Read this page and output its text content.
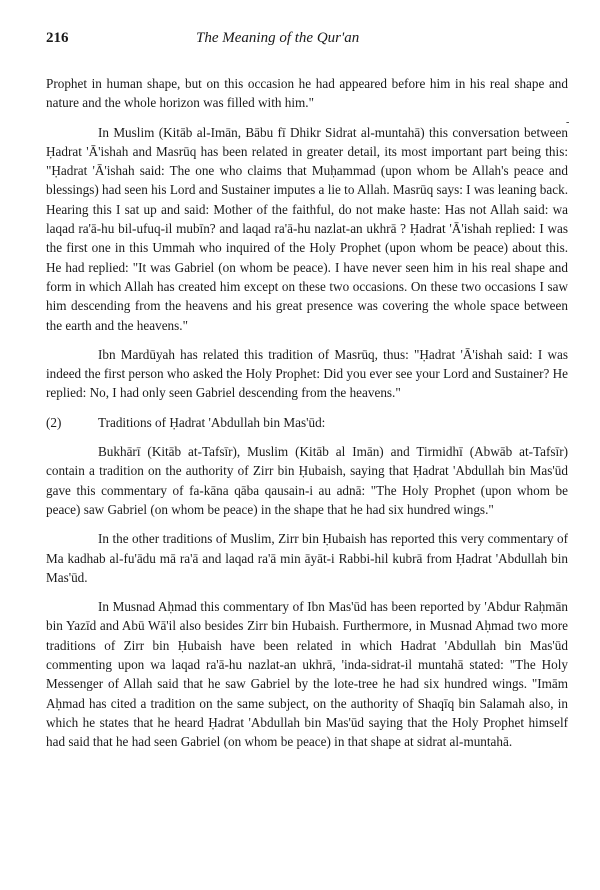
216	The Meaning of the Qur'an
-

Prophet in human shape, but on this occasion he had appeared before him in his real shape and nature and the whole horizon was filled with him."

In Muslim (Kitāb al-Imān, Bābu fī Dhikr Sidrat al-muntahā) this conversation between Ḥadrat 'Ā'ishah and Masrūq has been related in greater detail, its most important part being this: "Ḥadrat 'Ā'ishah said: The one who claims that Muḥammad (upon whom be Allah's peace and blessings) had seen his Lord and Sustainer imputes a lie to Allah. Masrūq says: I was leaning back. Hearing this I sat up and said: Mother of the faithful, do not make haste: Has not Allah said: wa laqad ra'ā-hu bil-ufuq-il mubīn? and laqad ra'ā-hu nazlat-an ukhrā ? Ḥadrat 'Ā'ishah replied: I was the first one in this Ummah who inquired of the Holy Prophet (upon whom be peace) about this. He had replied: "It was Gabriel (on whom be peace). I have never seen him in his real shape and form in which Allah has created him except on these two occasions. On these two occasions I saw him descending from the heavens and his great presence was covering the whole space between the earth and the heavens."

Ibn Mardūyah has related this tradition of Masrūq, thus: "Ḥadrat 'Ā'ishah said: I was indeed the first person who asked the Holy Prophet: Did you ever see your Lord and Sustainer? He replied: No, I had only seen Gabriel descending from the heavens."

(2)	Traditions of Ḥadrat 'Abdullah bin Mas'ūd:

Bukhārī (Kitāb at-Tafsīr), Muslim (Kitāb al Imān) and Tirmidhī (Abwāb at-Tafsīr) contain a tradition on the authority of Zirr bin Ḥubaish, saying that Ḥadrat 'Abdullah bin Mas'ūd gave this commentary of fa-kāna qāba qausain-i au adnā: "The Holy Prophet (upon whom be peace) saw Gabriel (on whom be peace) in the shape that he had six hundred wings."

In the other traditions of Muslim, Zirr bin Ḥubaish has reported this very commentary of Ma kadhab al-fu'ādu mā ra'ā and laqad ra'ā min āyāt-i Rabbi-hil kubrā from Ḥadrat 'Abdullah bin Mas'ūd.

In Musnad Aḥmad this commentary of Ibn Mas'ūd has been reported by 'Abdur Raḥmān bin Yazīd and Abū Wā'il also besides Zirr bin Hubaish. Furthermore, in Musnad Aḥmad two more traditions of Zirr bin Ḥubaish have been related in which Hadrat 'Abdullah bin Mas'ūd commenting upon wa laqad ra'ā-hu nazlat-an ukhrā, 'inda-sidrat-il muntahā stated: "The Holy Messenger of Allah said that he saw Gabriel by the lote-tree he had six hundred wings. "Imām Aḥmad has cited a tradition on the same subject, on the authority of Shaqīq bin Salamah also, in which he states that he heard Ḥadrat 'Abdullah bin Mas'ūd saying that the Holy Prophet himself had said that he had seen Gabriel (on whom be peace) in that shape at sidrat al-muntahā.
